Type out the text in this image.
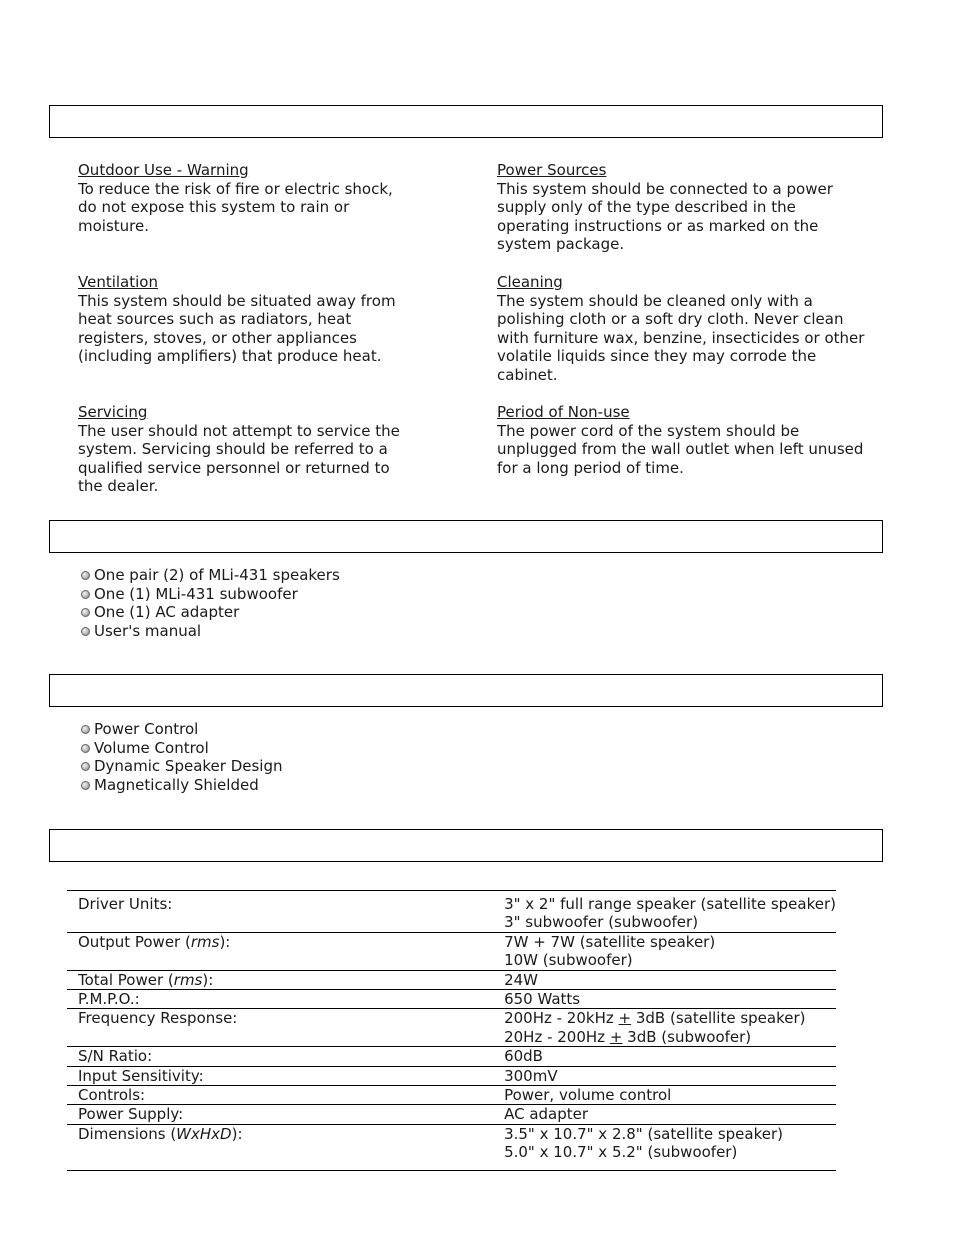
Outdoor Use - Warning
To reduce the risk of fire or electric shock,
do not expose this system to rain or
moisture.
Ventilation
This system should be situated away from
heat sources such as radiators, heat
registers, stoves, or other appliances
(including amplifiers) that produce heat.
Servicing
The user should not attempt to service the
system. Servicing should be referred to a
qualified service personnel or returned to
the dealer.
Power Sources
This system should be connected to a power
supply only of the type described in the
operating instructions or as marked on the
system package.
Cleaning
The system should be cleaned only with a
polishing cloth or a soft dry cloth. Never clean
with furniture wax, benzine, insecticides or other
volatile liquids since they may corrode the
cabinet.
Period of Non-use
The power cord of the system should be
unplugged from the wall outlet when left unused
for a long period of time.
One pair (2) of MLi-431 speakers
One (1) MLi-431 subwoofer
One (1) AC adapter
User's manual
Power Control
Volume Control
Dynamic Speaker Design
Magnetically Shielded
Driver Units:	3" x 2" full range speaker (satellite speaker)
3" subwoofer (subwoofer)

Output Power (rms):	7W + 7W (satellite speaker)
10W (subwoofer)

Total Power (rms):	24W
P.M.P.O.:	650 Watts
Frequency Response:	200Hz - 20kHz + 3dB (satellite speaker)
20Hz - 200Hz + 3dB (subwoofer)

S/N Ratio:	60dB
Input Sensitivity:	300mV
Controls:	Power, volume control
Power Supply:	AC adapter
Dimensions (WxHxD):	3.5" x 10.7" x 2.8" (satellite speaker)
5.0" x 10.7" x 5.2" (subwoofer)
